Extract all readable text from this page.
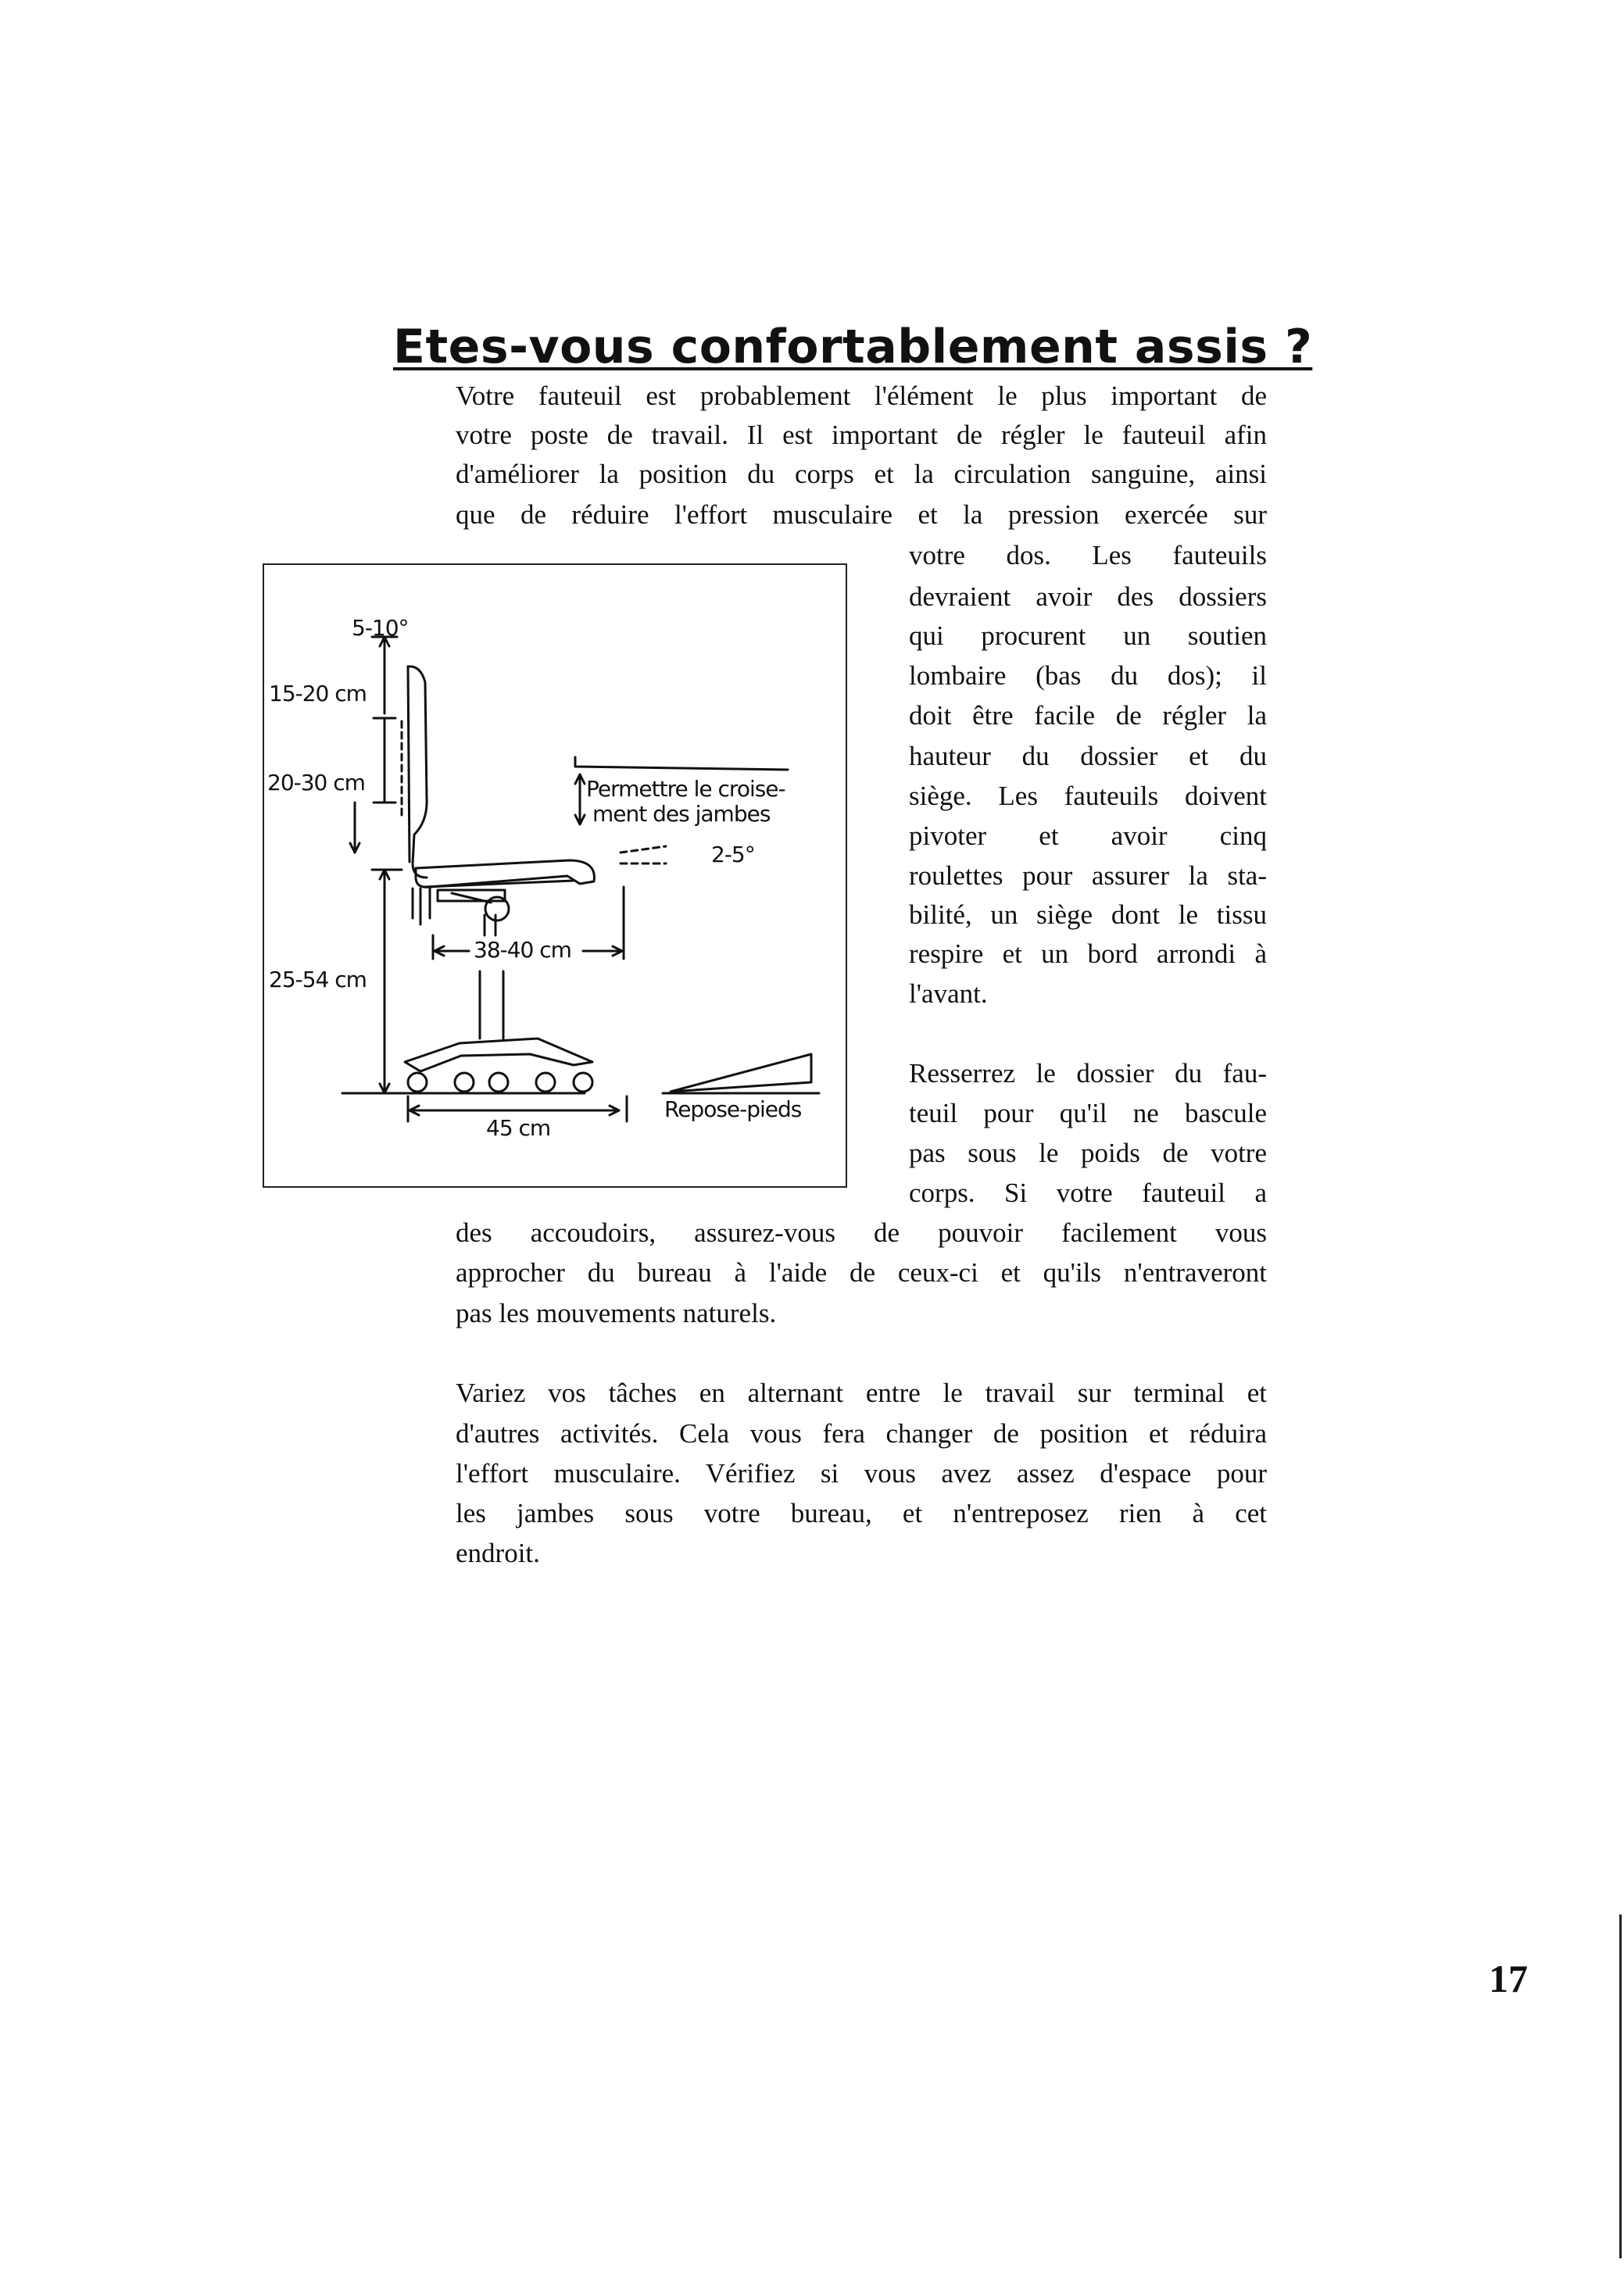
Etes-vous confortablement assis ?

Votre fauteuil est probablement l'élément le plus important de

votre poste de travail. Il est important de régler le fauteuil afin

d'améliorer la position du corps et la circulation sanguine, ainsi

que de réduire l'effort musculaire et la pression exercée sur

votre dos. Les fauteuils

devraient avoir des dossiers

qui procurent un soutien

lombaire (bas du dos); il

doit être facile de régler la

hauteur du dossier et du

siège. Les fauteuils doivent

pivoter et avoir cinq

roulettes pour assurer la sta-

bilité, un siège dont le tissu

respire et un bord arrondi à

l'avant.

Resserrez le dossier du fau-

teuil pour qu'il ne bascule

pas sous le poids de votre

corps. Si votre fauteuil a

des accoudoirs, assurez-vous de pouvoir facilement vous

approcher du bureau à l'aide de ceux-ci et qu'ils n'entraveront

pas les mouvements naturels.

Variez vos tâches en alternant entre le travail sur terminal et

d'autres activités. Cela vous fera changer de position et réduira

l'effort musculaire. Vérifiez si vous avez assez d'espace pour

les jambes sous votre bureau, et n'entreposez rien à cet

endroit.

5-10°

15-20 cm

20-30 cm

25-54 cm

Permettre le croise-

ment des jambes

2-5°

38-40 cm

45 cm

Repose-pieds

17
